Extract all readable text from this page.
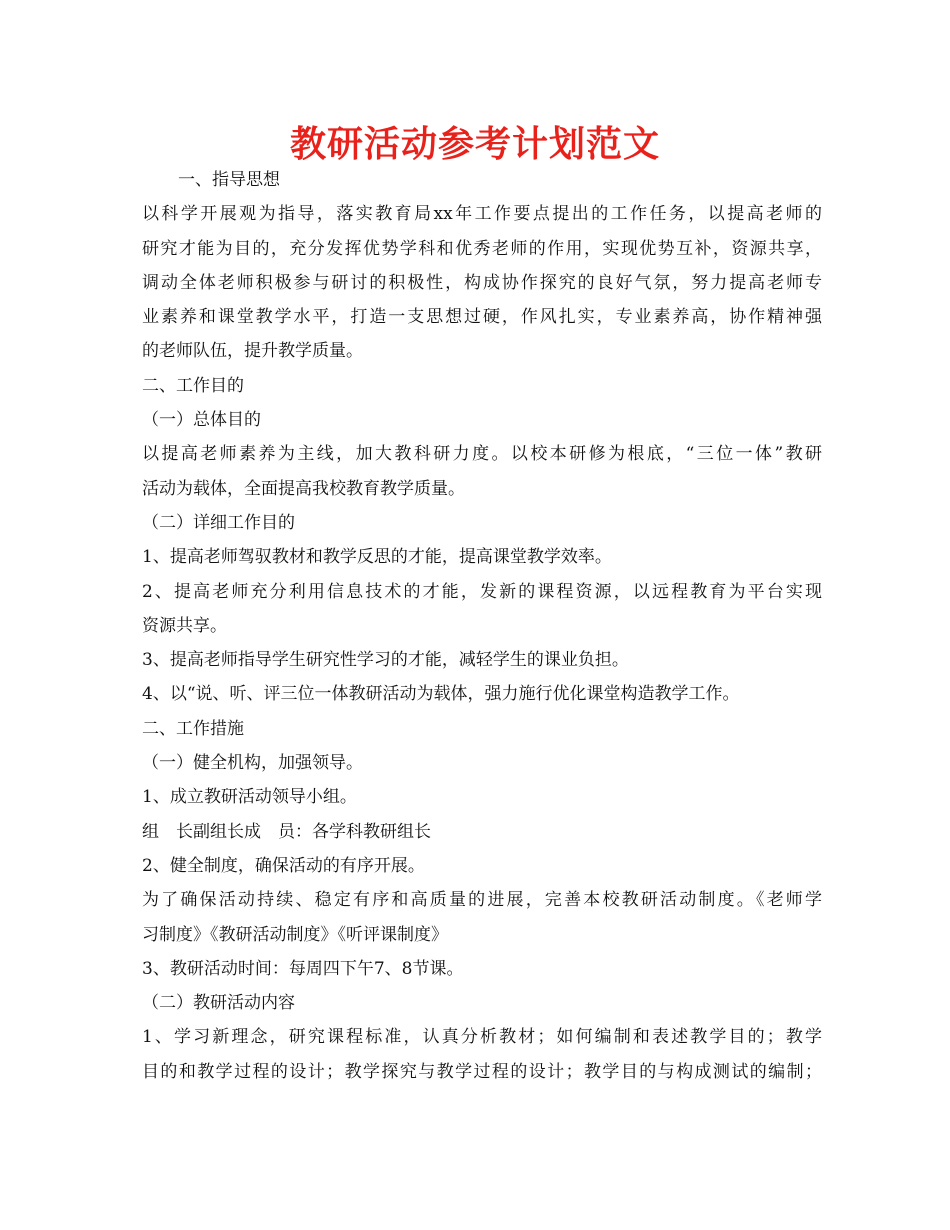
教研活动参考计划范文
一、指导思想
以科学开展观为指导，落实教育局xx年工作要点提出的工作任务，以提高老师的
研究才能为目的，充分发挥优势学科和优秀老师的作用，实现优势互补，资源共享，
调动全体老师积极参与研讨的积极性，构成协作探究的良好气氛，努力提高老师专
业素养和课堂教学水平，打造一支思想过硬，作风扎实，专业素养高，协作精神强
的老师队伍，提升教学质量。
二、工作目的
（一）总体目的
以提高老师素养为主线，加大教科研力度。以校本研修为根底，“三位一体”教研
活动为载体，全面提高我校教育教学质量。
（二）详细工作目的
1、提高老师驾驭教材和教学反思的才能，提高课堂教学效率。
2、提高老师充分利用信息技术的才能，发新的课程资源，以远程教育为平台实现
资源共享。
3、提高老师指导学生研究性学习的才能，减轻学生的课业负担。
4、以“说、听、评三位一体教研活动为载体，强力施行优化课堂构造教学工作。
二、工作措施
（一）健全机构，加强领导。
1、成立教研活动领导小组。
组　长副组长成　员：各学科教研组长
2、健全制度，确保活动的有序开展。
为了确保活动持续、稳定有序和高质量的进展，完善本校教研活动制度。《老师学
习制度》《教研活动制度》《听评课制度》
3、教研活动时间：每周四下午7、8节课。
（二）教研活动内容
1、学习新理念，研究课程标准，认真分析教材；如何编制和表述教学目的；教学
目的和教学过程的设计；教学探究与教学过程的设计；教学目的与构成测试的编制；
